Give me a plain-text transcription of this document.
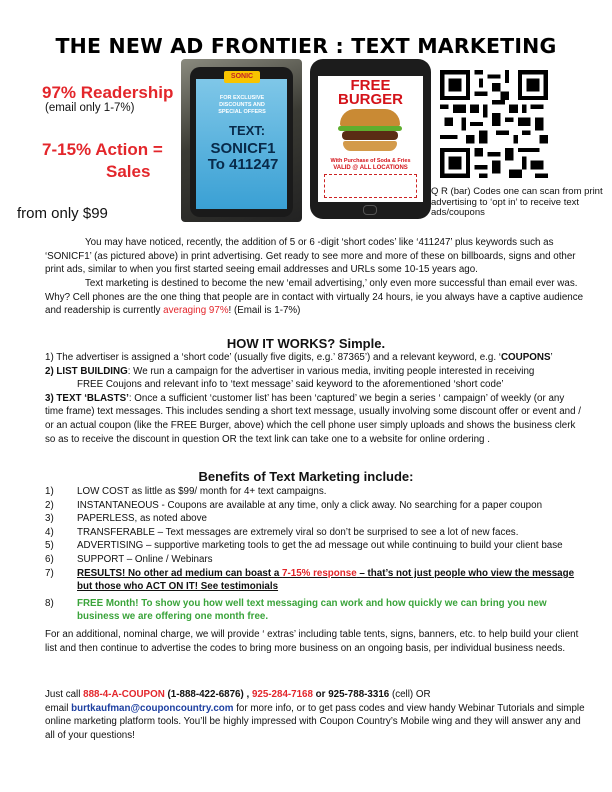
THE NEW AD FRONTIER : TEXT MARKETING
97% Readership
(email only 1-7%)
7-15% Action =
Sales
from only $99
SONIC
FOR EXCLUSIVE DISCOUNTS AND SPECIAL OFFERS
TEXT:
SONICF1
To 411247
FREE
BURGER
With Purchase of Soda & Fries
VALID @ ALL LOCATIONS
Q R (bar) Codes one can scan from print advertising to ‘opt in’ to receive text ads/coupons
You may have noticed, recently, the addition of 5 or 6 -digit ‘short codes’ like ‘411247’ plus keywords such as ‘SONICF1’ (as pictured above) in print advertising. Get ready to see more and more of these on billboards, signs and other print ads, similar to when you first started seeing email addresses and URLs some 10-15 years ago.
Text marketing is destined to become the new ‘email advertising,’ only even more successful than email ever was. Why? Cell phones are the one thing that people are in contact with virtually 24 hours, ie you always have a captive audience and readership is currently averaging 97%! (Email is 1-7%)
HOW IT WORKS? Simple.
1) The advertiser is assigned a ‘short code’ (usually five digits, e.g.’ 87365’) and a relevant keyword, e.g. ‘COUPONS’
2) LIST BUILDING: We run a campaign for the advertiser in various media, inviting people interested in receiving
FREE Coujons and relevant info to ‘text message’ said keyword to the aforementioned ‘short code’
3) TEXT ‘BLASTS’: Once a sufficient ‘customer list’ has been ‘captured’ we begin a series ‘ campaign’ of weekly (or any time frame) text messages. This includes sending a short text message, usually involving some discount offer or event and / or an actual coupon (like the FREE Burger, above) which the cell phone user simply uploads and shows the business clerk so as to receive the discount in question OR the text link can take one to a website for online ordering .
Benefits of Text Marketing include:
1) LOW COST as little as $99/ month for 4+ text campaigns.
2) INSTANTANEOUS - Coupons are available at any time, only a click away. No searching for a paper coupon
3) PAPERLESS, as noted above
4) TRANSFERABLE – Text messages are extremely viral so don’t be surprised to see a lot of new faces.
5) ADVERTISING – supportive marketing tools to get the ad message out while continuing to build your client base
6) SUPPORT – Online / Webinars
7) RESULTS! No other ad medium can boast a 7-15% response – that’s not just people who view the message but those who ACT ON IT! See testimonials
8) FREE Month! To show you how well text messaging can work and how quickly we can bring you new business we are offering one month free.
For an additional, nominal charge, we will provide ‘ extras’ including table tents, signs, banners, etc. to help build your client list and then continue to advertise the codes to bring more business on an ongoing basis, per individual business needs.
Just call 888-4-A-COUPON (1-888-422-6876) , 925-284-7168 or 925-788-3316 (cell) OR
email burtkaufman@couponcountry.com for more info, or to get pass codes and view handy Webinar Tutorials and simple online marketing platform tools. You’ll be highly impressed with Coupon Country’s Mobile wing and they will answer any and all of your questions!
